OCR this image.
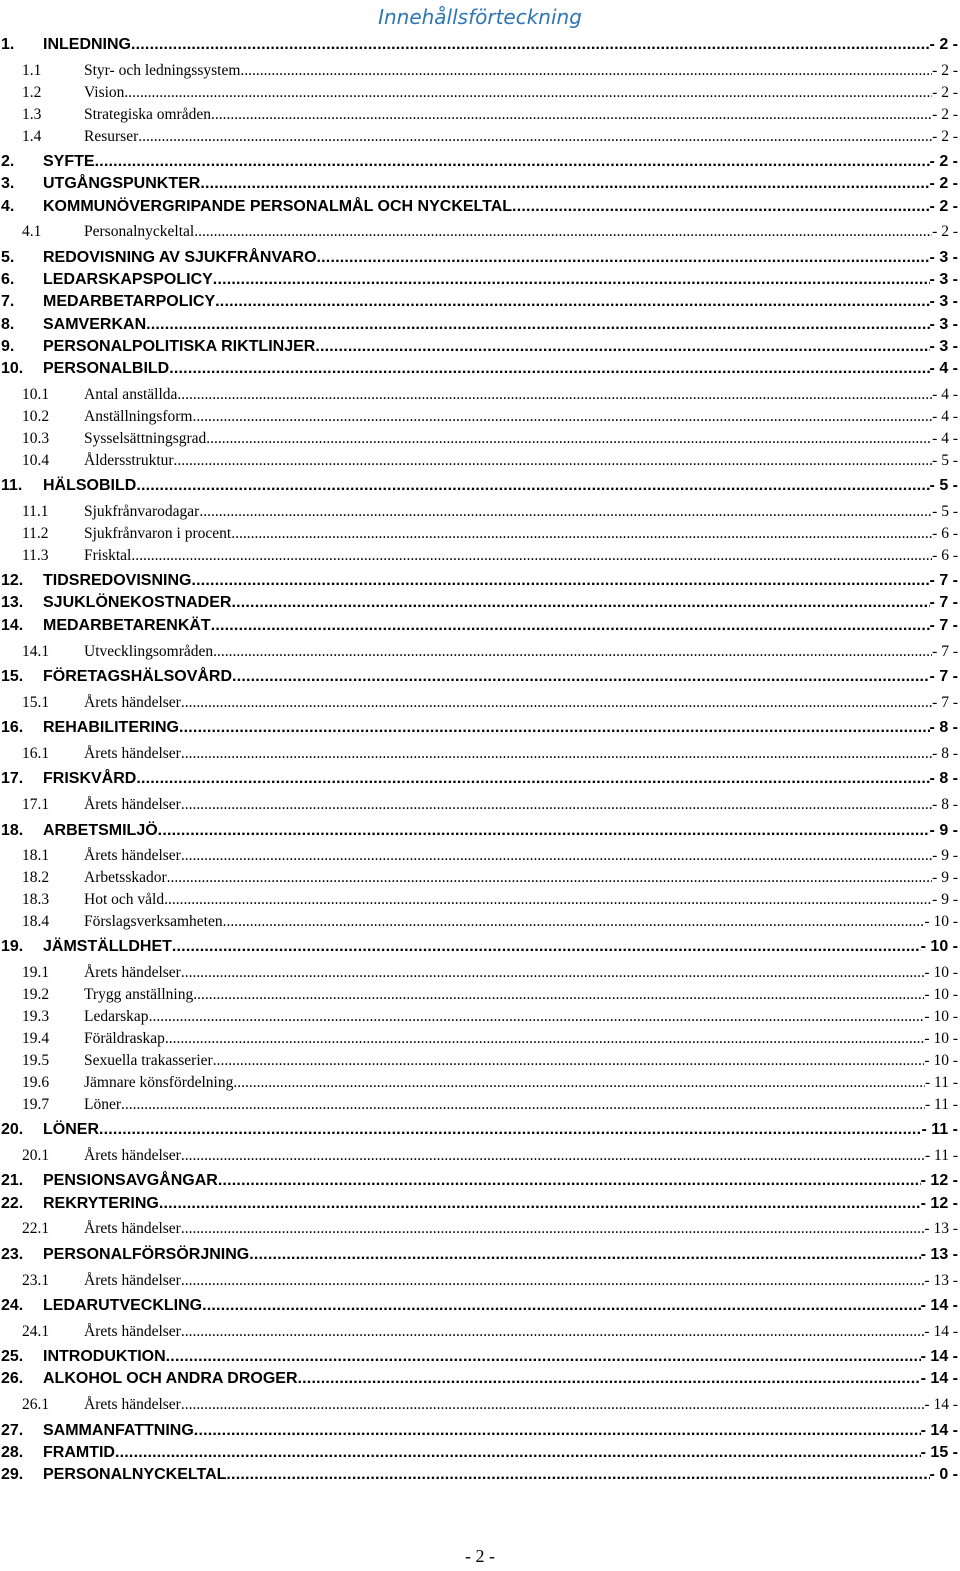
Innehållsförteckning
1.	INLEDNING .....	- 2 -
1.1	Styr- och ledningssystem .....	- 2 -
1.2	Vision .....	- 2 -
1.3	Strategiska områden .....	- 2 -
1.4	Resurser .....	- 2 -
2.	SYFTE .....	- 2 -
3.	UTGÅNGSPUNKTER .....	- 2 -
4.	KOMMUNÖVERGRIPANDE PERSONALMÅL OCH NYCKELTAL .....	- 2 -
4.1	Personalnyckeltal .....	- 2 -
5.	REDOVISNING AV SJUKFRÅNVARO .....	- 3 -
6.	LEDARSKAPSPOLICY .....	- 3 -
7.	MEDARBETARPOLICY .....	- 3 -
8.	SAMVERKAN .....	- 3 -
9.	PERSONALPOLITISKA RIKTLINJER .....	- 3 -
10.	PERSONALBILD .....	- 4 -
10.1	Antal anställda .....	- 4 -
10.2	Anställningsform .....	- 4 -
10.3	Sysselsättningsgrad .....	- 4 -
10.4	Åldersstruktur .....	- 5 -
11.	HÄLSOBILD .....	- 5 -
11.1	Sjukfrånvarodagar .....	- 5 -
11.2	Sjukfrånvaron i procent .....	- 6 -
11.3	Frisktal .....	- 6 -
12.	TIDSREDOVISNING .....	- 7 -
13.	SJUKLÖNEKOSTNADER .....	- 7 -
14.	MEDARBETARENKÄT .....	- 7 -
14.1	Utvecklingsområden .....	- 7 -
15.	FÖRETAGSHÄLSOVÅRD .....	- 7 -
15.1	Årets händelser .....	- 7 -
16.	REHABILITERING .....	- 8 -
16.1	Årets händelser .....	- 8 -
17.	FRISKVÅRD .....	- 8 -
17.1	Årets händelser .....	- 8 -
18.	ARBETSMILJÖ .....	- 9 -
18.1	Årets händelser .....	- 9 -
18.2	Arbetsskador .....	- 9 -
18.3	Hot och våld .....	- 9 -
18.4	Förslagsverksamheten .....	- 10 -
19.	JÄMSTÄLLDHET .....	- 10 -
19.1	Årets händelser .....	- 10 -
19.2	Trygg anställning .....	- 10 -
19.3	Ledarskap .....	- 10 -
19.4	Föräldraskap .....	- 10 -
19.5	Sexuella trakasserier .....	- 10 -
19.6	Jämnare könsfördelning .....	- 11 -
19.7	Löner .....	- 11 -
20.	LÖNER .....	- 11 -
20.1	Årets händelser .....	- 11 -
21.	PENSIONSAVGÅNGAR .....	- 12 -
22.	REKRYTERING .....	- 12 -
22.1	Årets händelser .....	- 13 -
23.	PERSONALFÖRSÖRJNING .....	- 13 -
23.1	Årets händelser .....	- 13 -
24.	LEDARUTVECKLING .....	- 14 -
24.1	Årets händelser .....	- 14 -
25.	INTRODUKTION .....	- 14 -
26.	ALKOHOL OCH ANDRA DROGER .....	- 14 -
26.1	Årets händelser .....	- 14 -
27.	SAMMANFATTNING .....	- 14 -
28.	FRAMTID .....	- 15 -
29.	PERSONALNYCKELTAL .....	- 0 -
- 2 -
